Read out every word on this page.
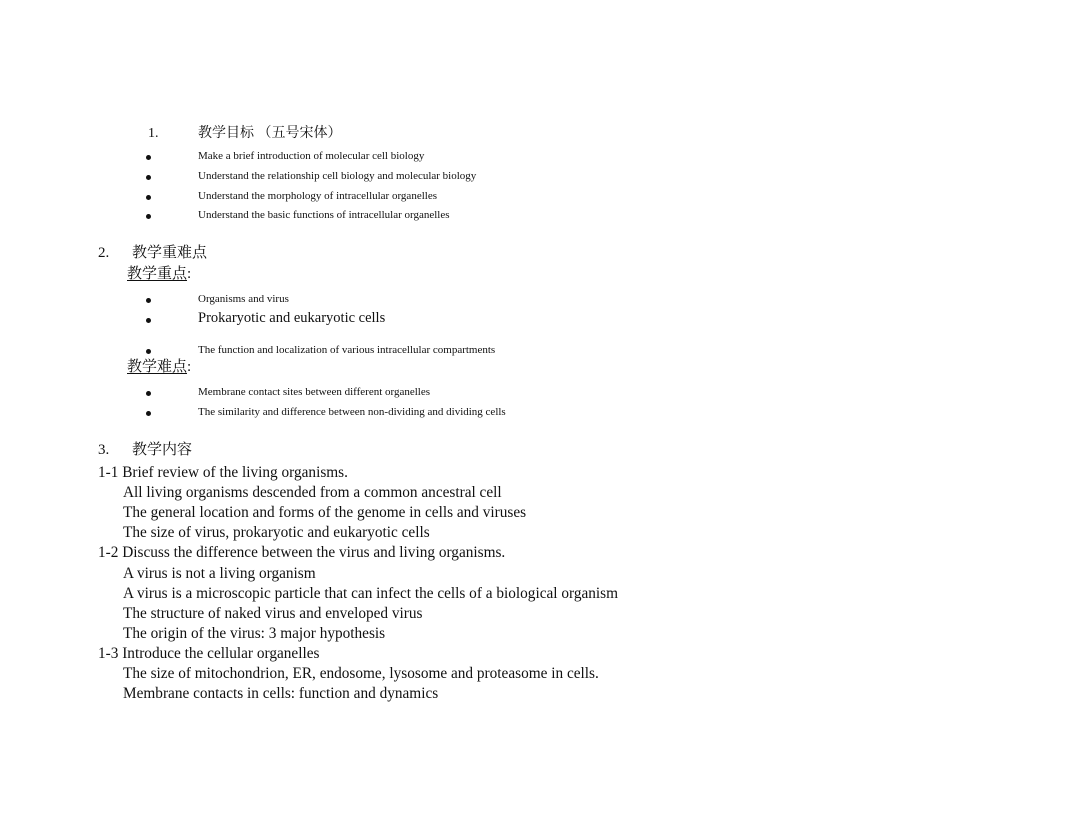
1.	教学目标 （五号宋体）
Make a brief introduction of molecular cell biology
Understand the relationship cell biology and molecular biology
Understand the morphology of intracellular organelles
Understand the basic functions of intracellular organelles
2. 教学重难点
教学重点:
Organisms and virus
Prokaryotic and eukaryotic cells
The function and localization of various intracellular compartments
教学难点:
Membrane contact sites between different organelles
The similarity and difference between non-dividing and dividing cells
3. 教学内容
1-1 Brief review of the living organisms.
All living organisms descended from a common ancestral cell
The general location and forms of the genome in cells and viruses
The size of virus, prokaryotic and eukaryotic cells
1-2 Discuss the difference between the virus and living organisms.
A virus is not a living organism
A virus is a microscopic particle that can infect the cells of a biological organism
The structure of naked virus and enveloped virus
The origin of the virus: 3 major hypothesis
1-3 Introduce the cellular organelles
The size of mitochondrion, ER, endosome, lysosome and proteasome in cells.
Membrane contacts in cells: function and dynamics
